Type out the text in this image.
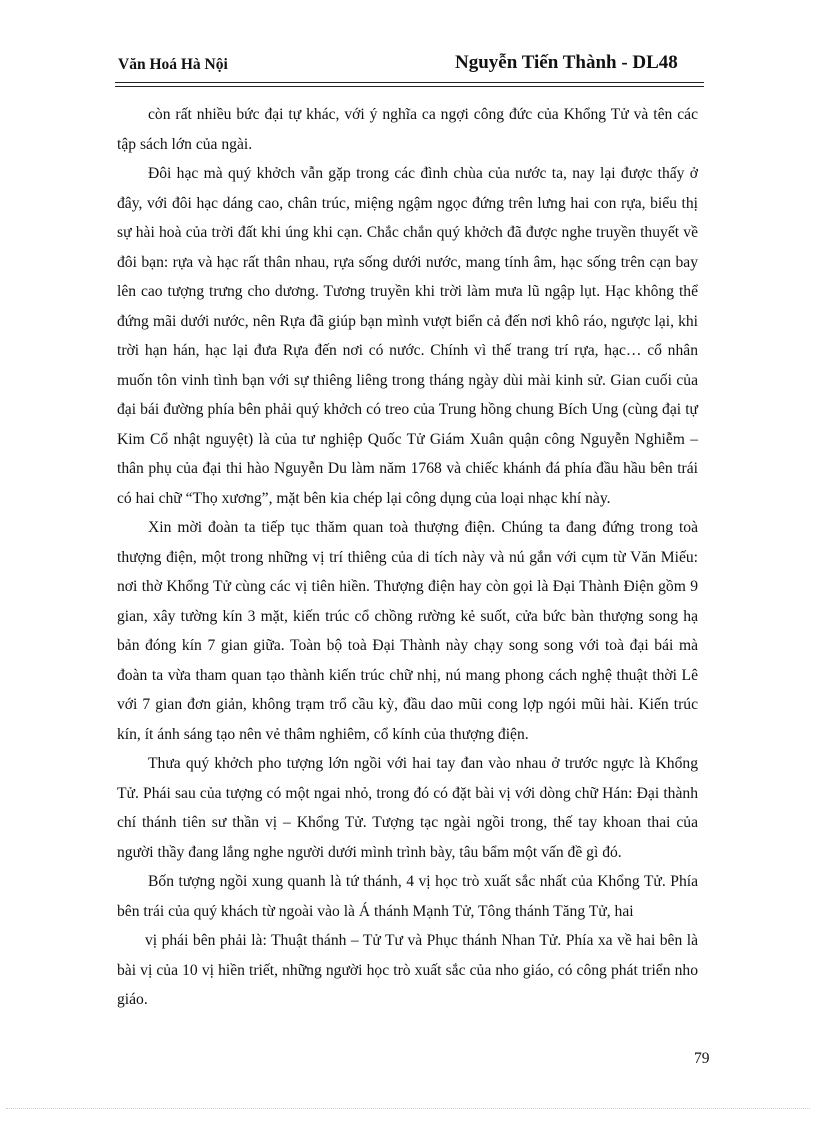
Văn Hoá Hà Nội	Nguyễn Tiến Thành - DL48

còn rất nhiều bức đại tự khác, với ý nghĩa ca ngợi công đức của Khổng Tử và tên các tập sách lớn của ngài.

Đôi hạc mà quý khởch vẫn gặp trong các đình chùa của nước ta, nay lại được thấy ở đây, với đôi hạc dáng cao, chân trúc, miệng ngậm ngọc đứng trên lưng hai con rựa, biểu thị sự hài hoà của trời đất khi úng khi cạn. Chắc chắn quý khởch đã được nghe truyền thuyết về đôi bạn: rựa và hạc rất thân nhau, rựa sống dưới nước, mang tính âm, hạc sống trên cạn bay lên cao tượng trưng cho dương. Tương truyền khi trời làm mưa lũ ngập lụt. Hạc không thể đứng mãi dưới nước, nên Rựa đã giúp bạn mình vượt biển cả đến nơi khô ráo, ngược lại, khi trời hạn hán, hạc lại đưa Rựa đến nơi có nước. Chính vì thế trang trí rựa, hạc… cổ nhân muốn tôn vinh tình bạn với sự thiêng liêng trong tháng ngày dùi mài kinh sử. Gian cuối của đại bái đường phía bên phải quý khởch có treo của Trung hồng chung Bích Ung (cùng đại tự Kim Cổ nhật nguyệt) là của tư nghiệp Quốc Tử Giám Xuân quận công Nguyễn Nghiễm – thân phụ của đại thi hào Nguyễn Du làm năm 1768 và chiếc khánh đá phía đầu hầu bên trái có hai chữ “Thọ xương”, mặt bên kia chép lại công dụng của loại nhạc khí này.

Xin mời đoàn ta tiếp tục thăm quan toà thượng điện. Chúng ta đang đứng trong toà thượng điện, một trong những vị trí thiêng của di tích này và nú gắn với cụm từ Văn Miếu: nơi thờ Khổng Tử cùng các vị tiên hiền. Thượng điện hay còn gọi là Đại Thành Điện gồm 9 gian, xây tường kín 3 mặt, kiến trúc cổ chồng rường kẻ suốt, cửa bức bàn thượng song hạ bản đóng kín 7 gian giữa. Toàn bộ toà Đại Thành này chạy song song với toà đại bái mà đoàn ta vừa tham quan tạo thành kiến trúc chữ nhị, nú mang phong cách nghệ thuật thời Lê với 7 gian đơn giản, không trạm trổ cầu kỳ, đầu dao mũi cong lợp ngói mũi hài. Kiến trúc kín, ít ánh sáng tạo nên vẻ thâm nghiêm, cổ kính của thượng điện.

Thưa quý khởch pho tượng lớn ngồi với hai tay đan vào nhau ở trước ngực là Khổng Tử. Phái sau của tượng có một ngai nhỏ, trong đó có đặt bài vị với dòng chữ Hán: Đại thành chí thánh tiên sư thần vị – Khổng Tử. Tượng tạc ngài ngồi trong, thế tay khoan thai của người thầy đang lắng nghe người dưới mình trình bày, tâu bẩm một vấn đề gì đó.

Bốn tượng ngồi xung quanh là tứ thánh, 4 vị học trò xuất sắc nhất của Khổng Tử. Phía bên trái của quý khách từ ngoài vào là Á thánh Mạnh Tử, Tông thánh Tăng Tử, hai

vị phái bên phải là: Thuật thánh – Tử Tư và Phục thánh Nhan Tử. Phía xa về hai bên là bài vị của 10 vị hiền triết, những người học trò xuất sắc của nho giáo, có công phát triển nho giáo.

79
